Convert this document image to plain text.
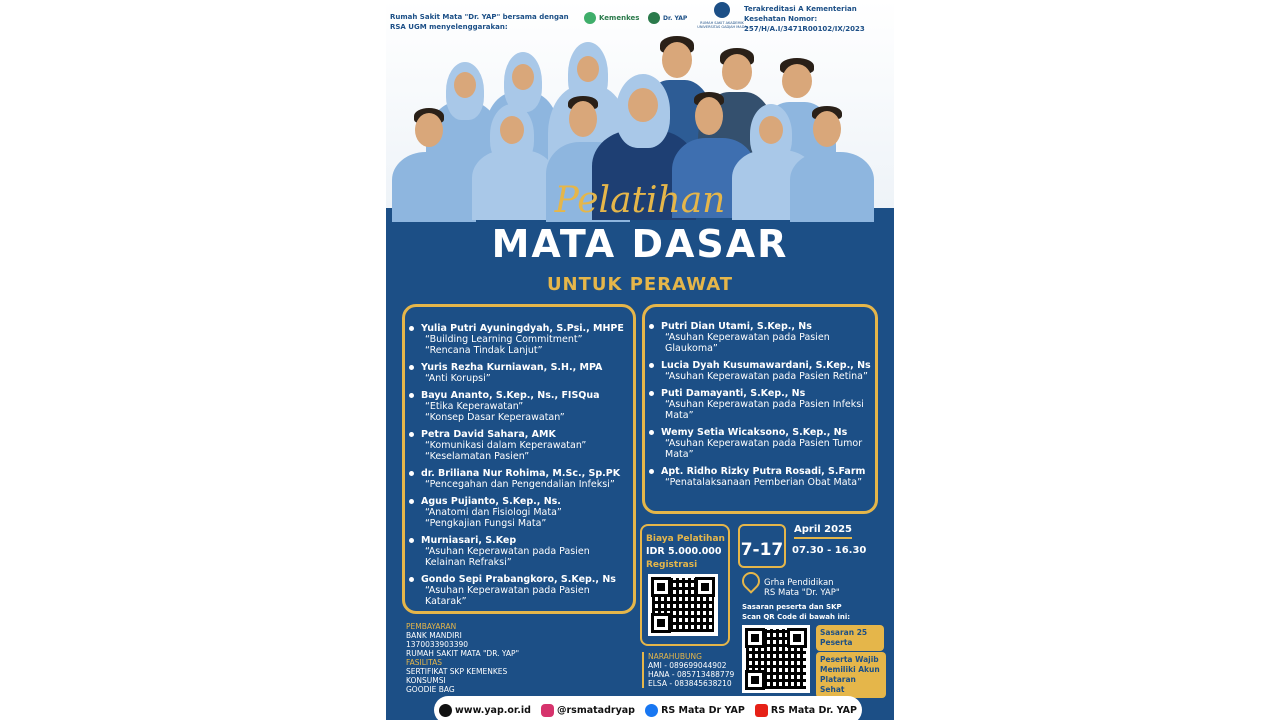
Rumah Sakit Mata "Dr. YAP" bersama dengan RSA UGM menyelenggarakan:
Kemenkes	Dr. YAP
RUMAH SAKIT AKADEMIK UNIVERSITAS GADJAH MADA
Terakreditasi A Kementerian Kesehatan Nomor: 257/H/A.I/3471R00102/IX/2023
Pelatihan
MATA DASAR
UNTUK PERAWAT
Yulia Putri Ayuningdyah, S.Psi., MHPE
“Building Learning Commitment”
“Rencana Tindak Lanjut”
Yuris Rezha Kurniawan, S.H., MPA
“Anti Korupsi”
Bayu Ananto, S.Kep., Ns., FISQua
“Etika Keperawatan”
“Konsep Dasar Keperawatan”
Petra David Sahara, AMK
“Komunikasi dalam Keperawatan”
“Keselamatan Pasien”
dr. Briliana Nur Rohima, M.Sc., Sp.PK
“Pencegahan dan Pengendalian Infeksi”
Agus Pujianto, S.Kep., Ns.
“Anatomi dan Fisiologi Mata”
“Pengkajian Fungsi Mata”
Murniasari, S.Kep
“Asuhan Keperawatan pada Pasien Kelainan Refraksi”
Gondo Sepi Prabangkoro, S.Kep., Ns
“Asuhan Keperawatan pada Pasien Katarak”
Putri Dian Utami, S.Kep., Ns
“Asuhan Keperawatan pada Pasien Glaukoma”
Lucia Dyah Kusumawardani, S.Kep., Ns
“Asuhan Keperawatan pada Pasien Retina”
Puti Damayanti, S.Kep., Ns
“Asuhan Keperawatan pada Pasien Infeksi Mata”
Wemy Setia Wicaksono, S.Kep., Ns
“Asuhan Keperawatan pada Pasien Tumor Mata”
Apt. Ridho Rizky Putra Rosadi, S.Farm
“Penatalaksanaan Pemberian Obat Mata”
Biaya Pelatihan
IDR 5.000.000
Registrasi
7-17
April 2025
07.30 - 16.30
Grha Pendidikan
RS Mata "Dr. YAP"
Sasaran peserta dan SKP
Scan QR Code di bawah ini:
Sasaran 25 Peserta
Peserta Wajib Memiliki Akun Plataran Sehat
PEMBAYARAN
BANK MANDIRI
1370033903390
RUMAH SAKIT MATA "DR. YAP"
FASILITAS
SERTIFIKAT SKP KEMENKES
KONSUMSI
GOODIE BAG
NARAHUBUNG
AMI - 089699044902
HANA - 085713488779
ELSA - 083845638210
www.yap.or.id	@rsmatadryap	RS Mata Dr YAP	RS Mata Dr. YAP
